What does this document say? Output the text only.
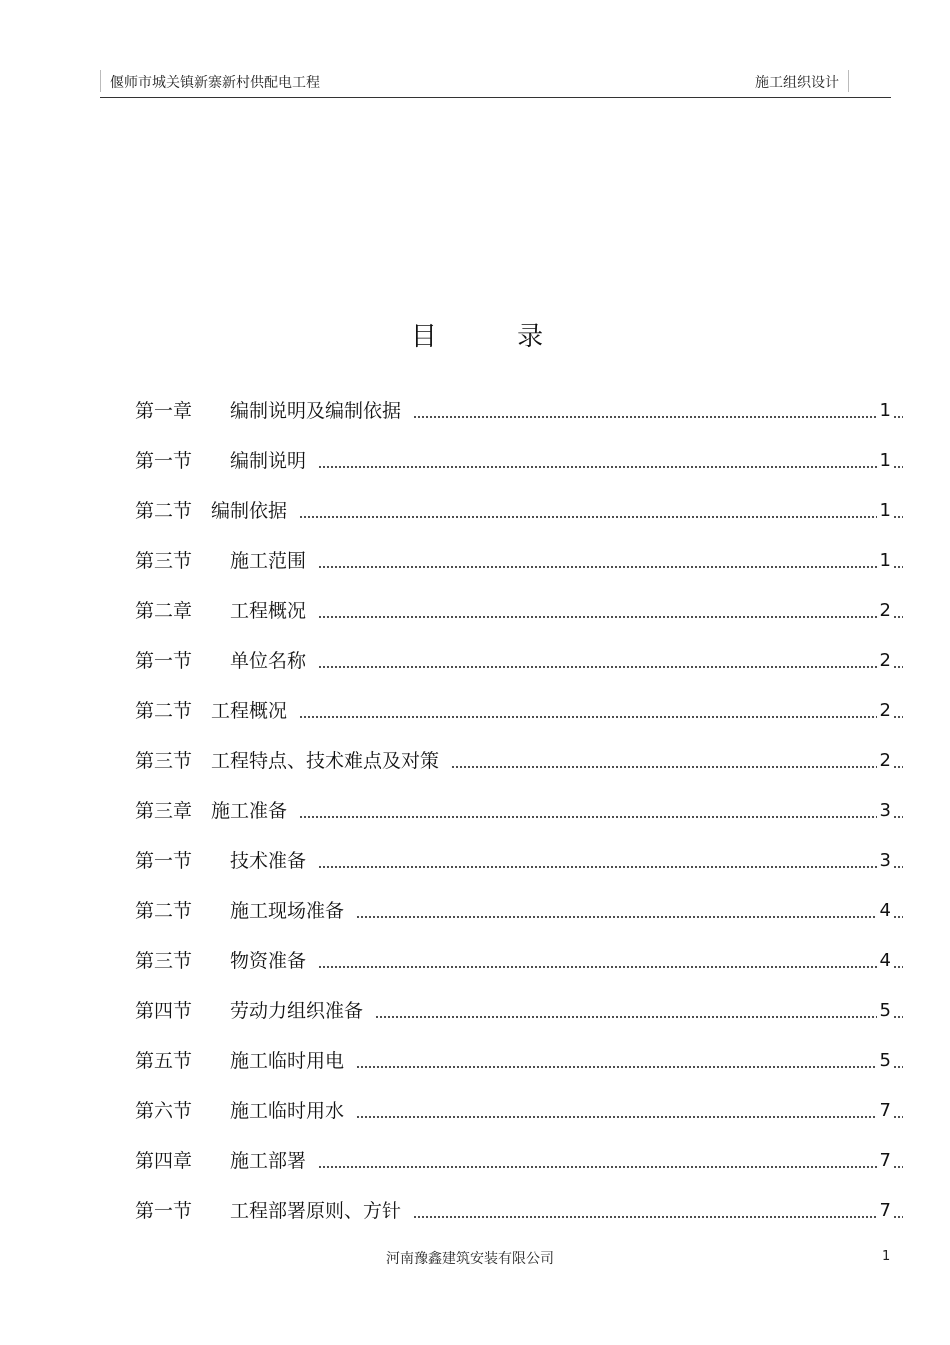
偃师市城关镇新寨新村供配电工程	施工组织设计
目 录
第一章　　编制说明及编制依据	1
第一节　　编制说明	1
第二节　编制依据	1
第三节　　施工范围	1
第二章　　工程概况	2
第一节　　单位名称	2
第二节　工程概况	2
第三节　工程特点、技术难点及对策	2
第三章　施工准备	3
第一节　　技术准备	3
第二节　　施工现场准备	4
第三节　　物资准备	4
第四节　　劳动力组织准备	5
第五节　　施工临时用电	5
第六节　　施工临时用水	7
第四章　　施工部署	7
第一节　　工程部署原则、方针	7
河南豫鑫建筑安装有限公司	1
